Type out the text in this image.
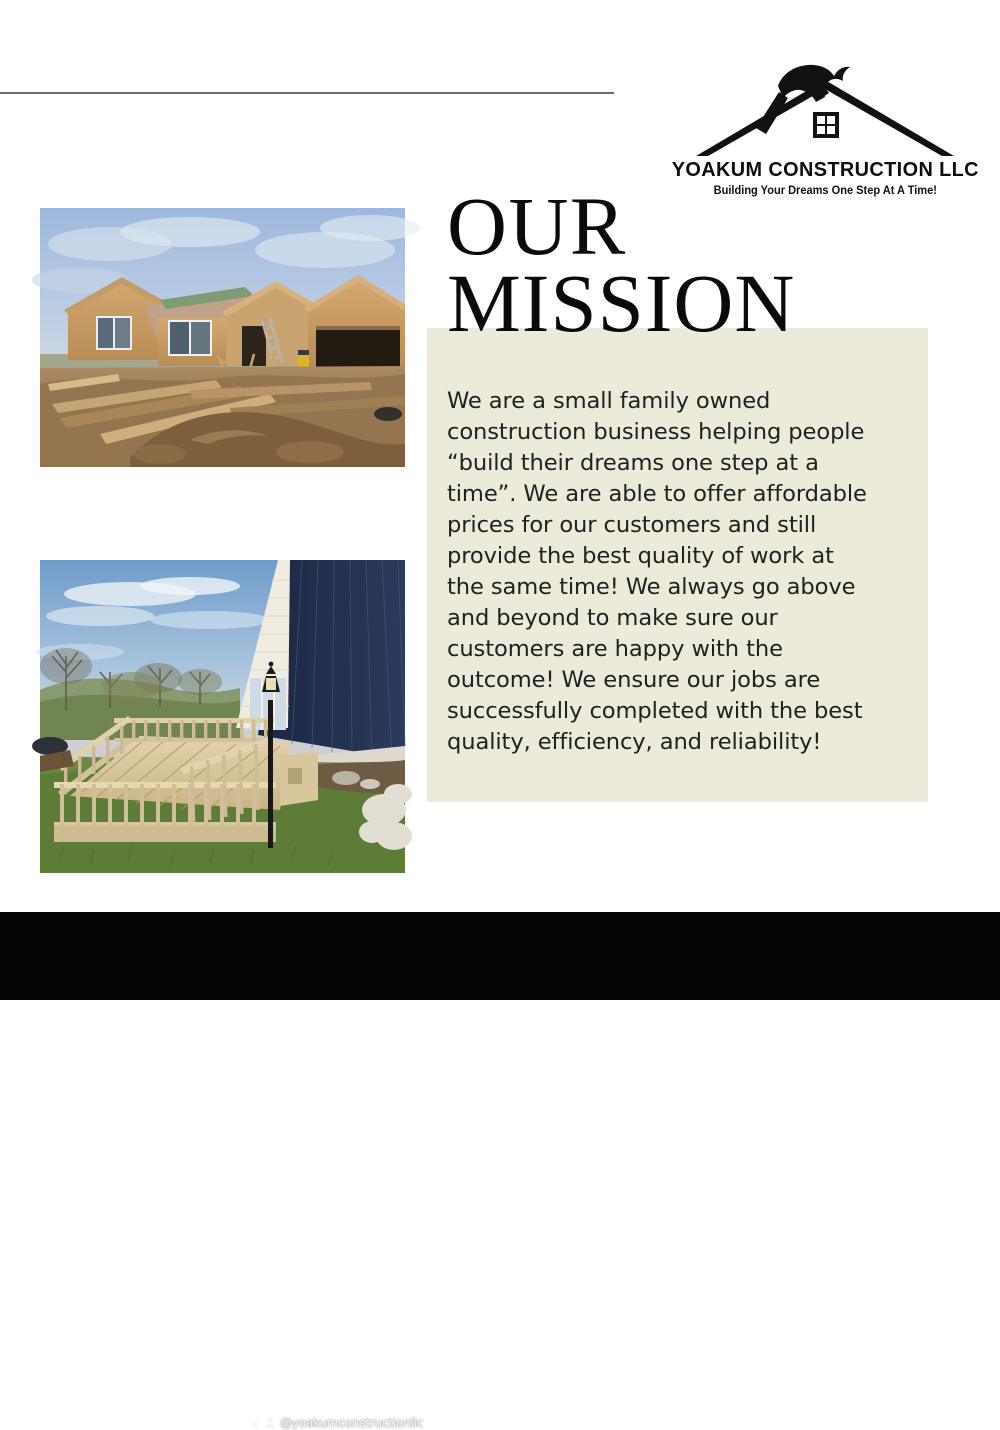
YOAKUM CONSTRUCTION LLC
Building Your Dreams One Step At A Time!
OUR
MISSION

We are a small family owned construction business helping people “build their dreams one step at a time”. We are able to offer affordable prices for our customers and still provide the best quality of work at the same time! We always go above and beyond to make sure our customers are happy with the outcome! We ensure our jobs are successfully completed with the best quality, efficiency, and reliability!

@yoakumconstructionllc
